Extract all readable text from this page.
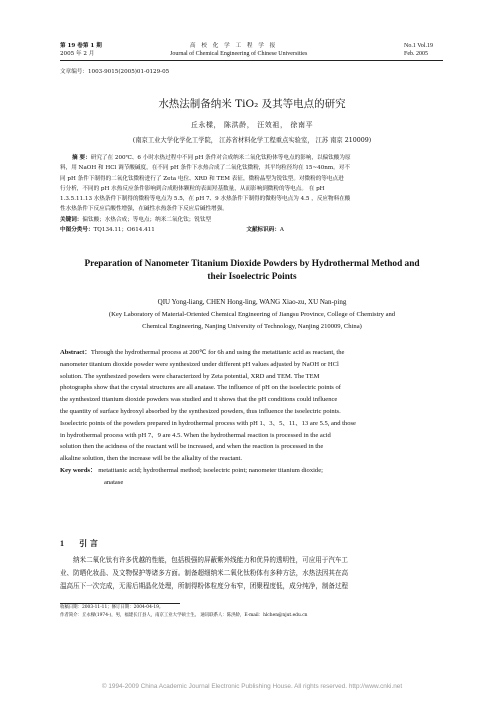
第 19 卷第 1 期
2005 年 2 月
高 校 化 学 工 程 学 报
Journal of Chemical Engineering of Chinese Universities
No.1 Vol.19
Feb. 2005
文章编号：1003-9015(2005)01-0129-05
水热法制备纳米 TiO₂ 及其等电点的研究
丘永樑， 陈洪龄， 汪效祖， 徐南平
(南京工业大学化学化工学院， 江苏省材料化学工程重点实验室， 江苏 南京 210009)
摘 要：研究了在 200℃、6 小时水热过程中不同 pH 条件对合成纳米二氧化钛粉体等电点的影响，以偏钛酸为原
料，用 NaOH 和 HCl 调节酸碱度，在不同 pH 条件下水热合成了二氧化钛微粉，其平均粒径均在 15~40nm。对不
同 pH 条件下制得的二氧化钛微粉进行了 Zeta 电位、XRD 和 TEM 表征，微粉晶型为锐钛型。对微粉的等电点进
行分析，不同的 pH 水热反应条件影响到合成粉体颗粒的表面羟基数量，从而影响到微粉的等电点。 在 pH
1.3.5.11.13 水热条件下制得的微粉等电点为 5.5，在 pH 7、9 水热条件下制得的微粉等电点为 4.5 ，反应物料在酸
性水热条件下反应后酸性增强，在碱性水热条件下反应后碱性增强。
关键词：偏钛酸；水热合成；等电点；纳米二氧化钛；锐钛型
中图分类号：TQ134.11；O614.411	文献标识码：A
Preparation of Nanometer Titanium Dioxide Powders by Hydrothermal Method and
their Isoelectric Points
QIU Yong-liang, CHEN Hong-ling, WANG Xiao-zu, XU Nan-ping
(Key Laboratory of Material-Oriented Chemical Engineering of Jiangsu Province, College of Chemistry and
Chemical Engineering, Nanjing University of Technology, Nanjing 210009, China)
Abstract：Through the hydrothermal process at 200℃ for 6h and using the metatitanic acid as reactant, the
nanometer titanium dioxide powder were synthesized under different pH values adjusted by NaOH or HCl
solution. The synthesized powders were characterized by Zeta potential, XRD and TEM. The TEM
photographs show that the crystal structures are all anatase. The influence of pH on the isoelectric points of
the synthesized titanium dioxide powders was studied and it shows that the pH conditions could influence
the quantity of surface hydroxyl absorbed by the synthesized powders, thus influence the isoelectric points.
Isoelectric points of the powders prepared in hydrothermal process with pH 1、3、5、11、13 are 5.5, and those
in hydrothermal process with pH 7、9 are 4.5. When the hydrothermal reaction is processed in the acid
solution then the acidness of the reactant will be increased, and when the reaction is processed in the
alkaline solution, then the increase will be the alkality of the reactant.
Key words： metatitanic acid; hydrothermal method; isoelectric point; nanometer titanium dioxide;
anatase
1 引 言
纳米二氧化钛有许多优越的性能，包括极强的屏蔽紫外线能力和优异的透明性，可应用于汽车工
业、防晒化妆品、及文物保护等诸多方面。制备超细纳米二氧化钛粉体有多种方法，水热法因其在高
温高压下一次完成，无需后期晶化处理，所制得粉体粒度分布窄，团聚程度低，成分纯净，制备过程
收稿日期：2003-11-11；修订日期：2004-04-19。
作者简介：丘永樑(1974-)，男，福建长汀县人，南京工业大学硕士生。 通讯联系人：陈洪龄，E-mail：hlchen@njut.edu.cn
© 1994-2009 China Academic Journal Electronic Publishing House. All rights reserved. http://www.cnki.net
